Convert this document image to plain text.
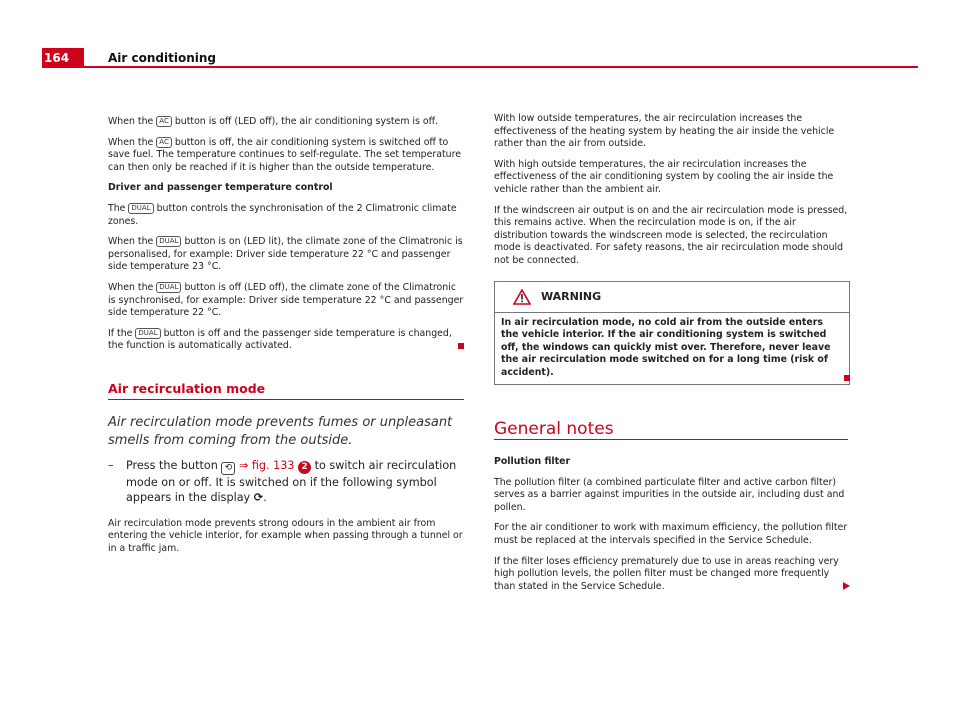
164	Air conditioning

When the AC button is off (LED off), the air conditioning system is off.

When the AC button is off, the air conditioning system is switched off to save fuel. The temperature continues to self-regulate. The set temperature can then only be reached if it is higher than the outside temperature.

Driver and passenger temperature control

The DUAL button controls the synchronisation of the 2 Climatronic climate zones.

When the DUAL button is on (LED lit), the climate zone of the Climatronic is personalised, for example: Driver side temperature 22 °C and passenger side temperature 23 °C.

When the DUAL button is off (LED off), the climate zone of the Climatronic is synchronised, for example: Driver side temperature 22 °C and passenger side temperature 22 °C.

If the DUAL button is off and the passenger side temperature is changed, the function is automatically activated.

Air recirculation mode

Air recirculation mode prevents fumes or unpleasant smells from coming from the outside.

– Press the button ⟲ ⇒ fig. 133 2 to switch air recirculation mode on or off. It is switched on if the following symbol appears in the display ⟳.

Air recirculation mode prevents strong odours in the ambient air from entering the vehicle interior, for example when passing through a tunnel or in a traffic jam.

With low outside temperatures, the air recirculation increases the effectiveness of the heating system by heating the air inside the vehicle rather than the air from outside.

With high outside temperatures, the air recirculation increases the effectiveness of the air conditioning system by cooling the air inside the vehicle rather than the ambient air.

If the windscreen air output is on and the air recirculation mode is pressed, this remains active. When the recirculation mode is on, if the air distribution towards the windscreen mode is selected, the recirculation mode is deactivated. For safety reasons, the air recirculation mode should not be connected.

WARNING
In air recirculation mode, no cold air from the outside enters the vehicle interior. If the air conditioning system is switched off, the windows can quickly mist over. Therefore, never leave the air recirculation mode switched on for a long time (risk of accident).
General notes

Pollution filter

The pollution filter (a combined particulate filter and active carbon filter) serves as a barrier against impurities in the outside air, including dust and pollen.

For the air conditioner to work with maximum efficiency, the pollution filter must be replaced at the intervals specified in the Service Schedule.

If the filter loses efficiency prematurely due to use in areas reaching very high pollution levels, the pollen filter must be changed more frequently than stated in the Service Schedule.
